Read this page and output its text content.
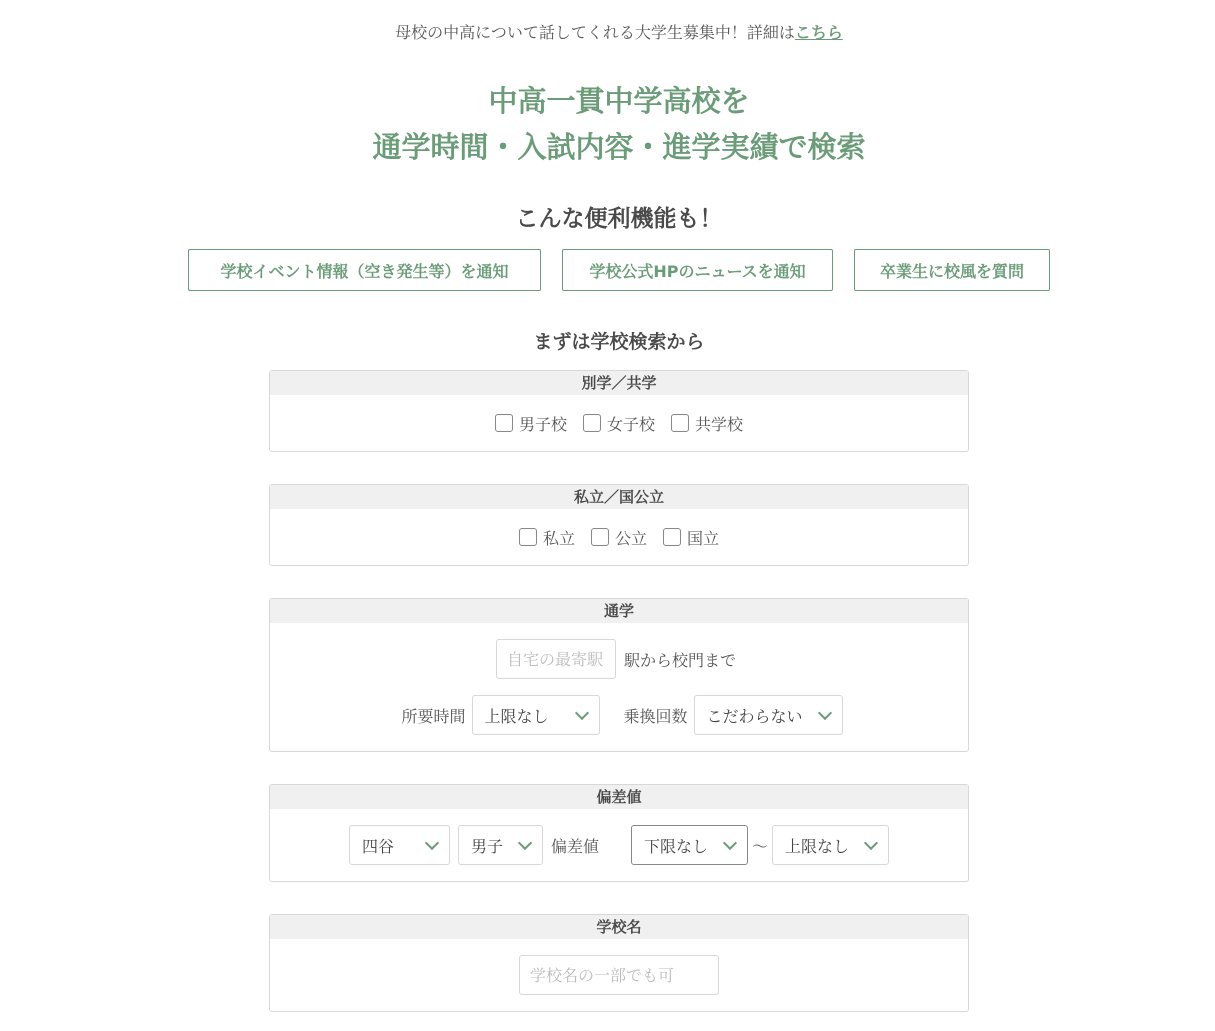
母校の中高について話してくれる大学生募集中！詳細はこちら
中高一貫中学高校を
通学時間・入試内容・進学実績で検索
こんな便利機能も！
学校イベント情報（空き発生等）を通知	学校公式HPのニュースを通知	卒業生に校風を質問
まずは学校検索から
別学／共学
男子校	女子校	共学校
私立／国公立
私立	公立	国立
通学
自宅の最寄駅
駅から校門まで
所要時間 上限なし	乗換回数 こだわらない
偏差値
四谷	男子	偏差値	下限なし	〜 上限なし
学校名
学校名の一部でも可
